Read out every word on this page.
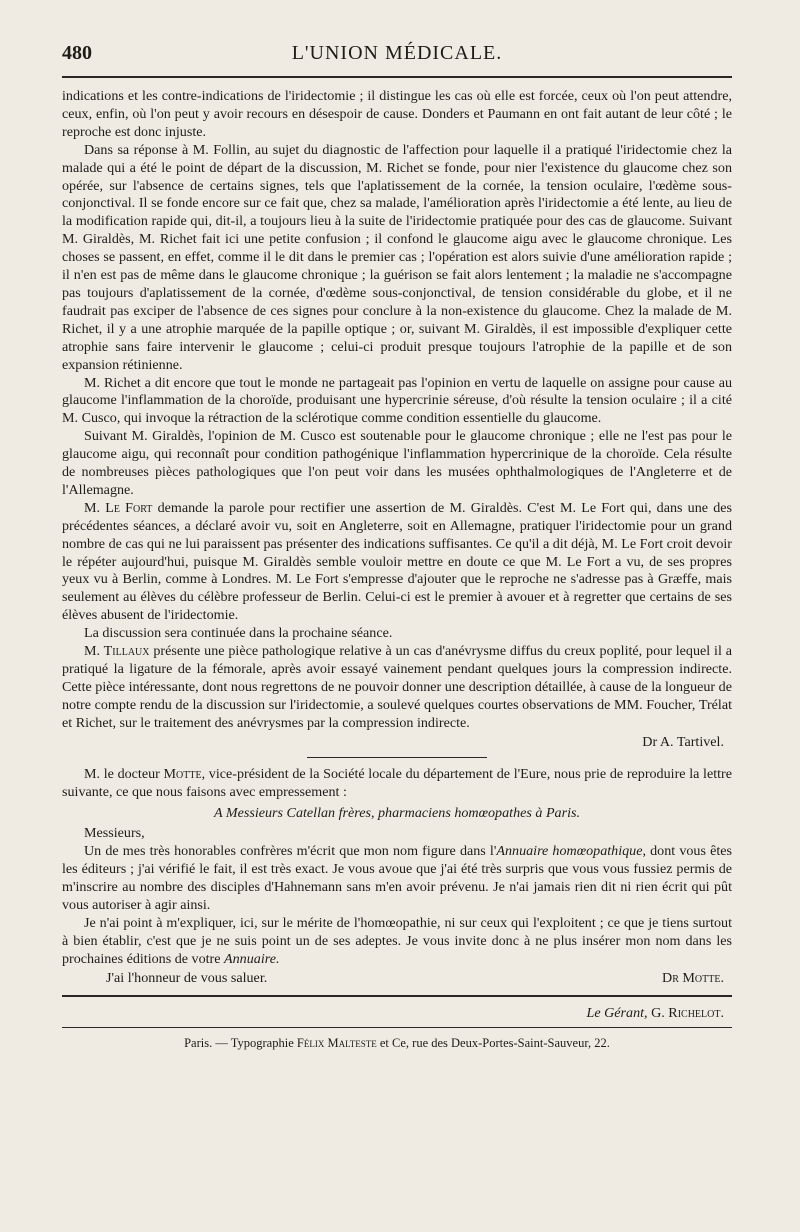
480	L'UNION MÉDICALE.

indications et les contre-indications de l'iridectomie ; il distingue les cas où elle est forcée, ceux où l'on peut attendre, ceux, enfin, où l'on peut y avoir recours en désespoir de cause. Donders et Paumann en ont fait autant de leur côté ; le reproche est donc injuste.

Dans sa réponse à M. Follin, au sujet du diagnostic de l'affection pour laquelle il a pratiqué l'iridectomie chez la malade qui a été le point de départ de la discussion, M. Richet se fonde, pour nier l'existence du glaucome chez son opérée, sur l'absence de certains signes, tels que l'aplatissement de la cornée, la tension oculaire, l'œdème sous-conjonctival. Il se fonde encore sur ce fait que, chez sa malade, l'amélioration après l'iridectomie a été lente, au lieu de la modification rapide qui, dit-il, a toujours lieu à la suite de l'iridectomie pratiquée pour des cas de glaucome. Suivant M. Giraldès, M. Richet fait ici une petite confusion ; il confond le glaucome aigu avec le glaucome chronique. Les choses se passent, en effet, comme il le dit dans le premier cas ; l'opération est alors suivie d'une amélioration rapide ; il n'en est pas de même dans le glaucome chronique ; la guérison se fait alors lentement ; la maladie ne s'accompagne pas toujours d'aplatissement de la cornée, d'œdème sous-conjonctival, de tension considérable du globe, et il ne faudrait pas exciper de l'absence de ces signes pour conclure à la non-existence du glaucome. Chez la malade de M. Richet, il y a une atrophie marquée de la papille optique ; or, suivant M. Giraldès, il est impossible d'expliquer cette atrophie sans faire intervenir le glaucome ; celui-ci produit presque toujours l'atrophie de la papille et de son expansion rétinienne.

M. Richet a dit encore que tout le monde ne partageait pas l'opinion en vertu de laquelle on assigne pour cause au glaucome l'inflammation de la choroïde, produisant une hypercrinie séreuse, d'où résulte la tension oculaire ; il a cité M. Cusco, qui invoque la rétraction de la sclérotique comme condition essentielle du glaucome.

Suivant M. Giraldès, l'opinion de M. Cusco est soutenable pour le glaucome chronique ; elle ne l'est pas pour le glaucome aigu, qui reconnaît pour condition pathogénique l'inflammation hypercrinique de la choroïde. Cela résulte de nombreuses pièces pathologiques que l'on peut voir dans les musées ophthalmologiques de l'Angleterre et de l'Allemagne.

M. Le Fort demande la parole pour rectifier une assertion de M. Giraldès. C'est M. Le Fort qui, dans une des précédentes séances, a déclaré avoir vu, soit en Angleterre, soit en Allemagne, pratiquer l'iridectomie pour un grand nombre de cas qui ne lui paraissent pas présenter des indications suffisantes. Ce qu'il a dit déjà, M. Le Fort croit devoir le répéter aujourd'hui, puisque M. Giraldès semble vouloir mettre en doute ce que M. Le Fort a vu, de ses propres yeux vu à Berlin, comme à Londres. M. Le Fort s'empresse d'ajouter que le reproche ne s'adresse pas à Græffe, mais seulement au élèves du célèbre professeur de Berlin. Celui-ci est le premier à avouer et à regretter que certains de ses élèves abusent de l'iridectomie.

La discussion sera continuée dans la prochaine séance.

M. Tillaux présente une pièce pathologique relative à un cas d'anévrysme diffus du creux poplité, pour lequel il a pratiqué la ligature de la fémorale, après avoir essayé vainement pendant quelques jours la compression indirecte. Cette pièce intéressante, dont nous regrettons de ne pouvoir donner une description détaillée, à cause de la longueur de notre compte rendu de la discussion sur l'iridectomie, a soulevé quelques courtes observations de MM. Foucher, Trélat et Richet, sur le traitement des anévrysmes par la compression indirecte.

Dr A. Tartivel.

M. le docteur Motte, vice-président de la Société locale du département de l'Eure, nous prie de reproduire la lettre suivante, ce que nous faisons avec empressement :

A Messieurs Catellan frères, pharmaciens homœopathes à Paris.

Messieurs,

Un de mes très honorables confrères m'écrit que mon nom figure dans l'Annuaire homœopathique, dont vous êtes les éditeurs ; j'ai vérifié le fait, il est très exact. Je vous avoue que j'ai été très surpris que vous vous fussiez permis de m'inscrire au nombre des disciples d'Hahnemann sans m'en avoir prévenu. Je n'ai jamais rien dit ni rien écrit qui pût vous autoriser à agir ainsi.

Je n'ai point à m'expliquer, ici, sur le mérite de l'homœopathie, ni sur ceux qui l'exploitent ; ce que je tiens surtout à bien établir, c'est que je ne suis point un de ses adeptes. Je vous invite donc à ne plus insérer mon nom dans les prochaines éditions de votre Annuaire.

J'ai l'honneur de vous saluer.	Dr Motte.
Le Gérant, G. Richelot.
Paris. — Typographie Félix Malteste et Ce, rue des Deux-Portes-Saint-Sauveur, 22.
